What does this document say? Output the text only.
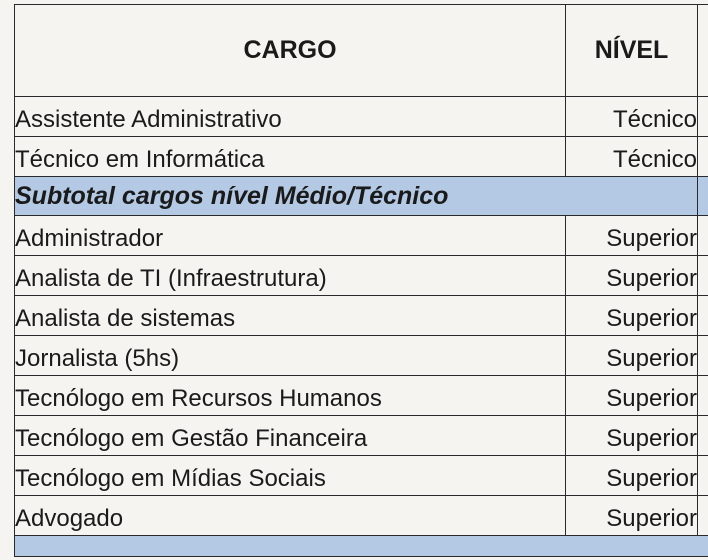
CARGO	NÍVEL	
Assistente Administrativo	Técnico	
Técnico em Informática	Técnico	
Subtotal cargos nível Médio/Técnico		
Administrador	Superior	
Analista de TI (Infraestrutura)	Superior	
Analista de sistemas	Superior	
Jornalista (5hs)	Superior	
Tecnólogo em Recursos Humanos	Superior	
Tecnólogo em Gestão Financeira	Superior	
Tecnólogo em Mídias Sociais	Superior	
Advogado	Superior	
